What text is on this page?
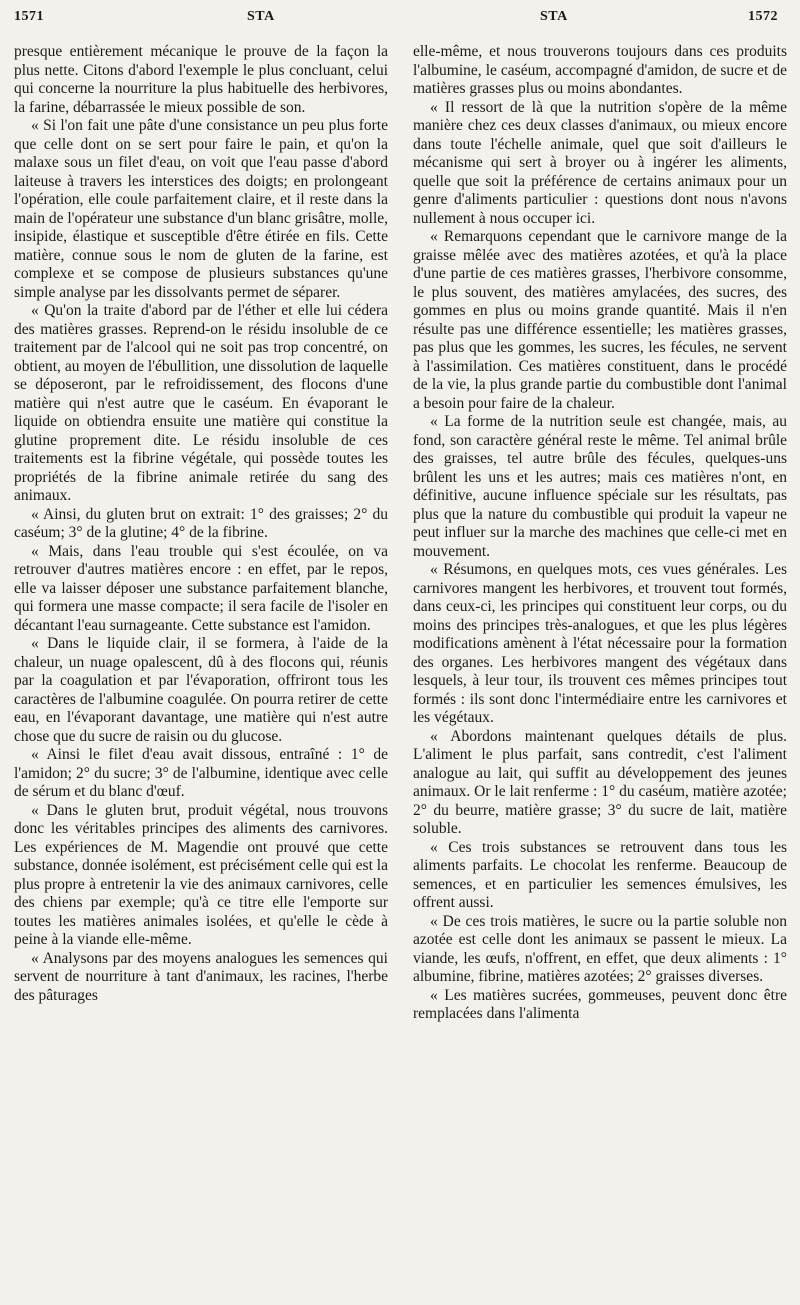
1571	STA	STA	1572

presque entièrement mécanique le prouve de la façon la plus nette. Citons d'abord l'exemple le plus concluant, celui qui concerne la nourriture la plus habituelle des herbivores, la farine, débarrassée le mieux possible de son.

« Si l'on fait une pâte d'une consistance un peu plus forte que celle dont on se sert pour faire le pain, et qu'on la malaxe sous un filet d'eau, on voit que l'eau passe d'abord laiteuse à travers les interstices des doigts; en prolongeant l'opération, elle coule parfaitement claire, et il reste dans la main de l'opérateur une substance d'un blanc grisâtre, molle, insipide, élastique et susceptible d'être étirée en fils. Cette matière, connue sous le nom de gluten de la farine, est complexe et se compose de plusieurs substances qu'une simple analyse par les dissolvants permet de séparer.

« Qu'on la traite d'abord par de l'éther et elle lui cédera des matières grasses. Reprend-on le résidu insoluble de ce traitement par de l'alcool qui ne soit pas trop concentré, on obtient, au moyen de l'ébullition, une dissolution de laquelle se déposeront, par le refroidissement, des flocons d'une matière qui n'est autre que le caséum. En évaporant le liquide on obtiendra ensuite une matière qui constitue la glutine proprement dite. Le résidu insoluble de ces traitements est la fibrine végétale, qui possède toutes les propriétés de la fibrine animale retirée du sang des animaux.

« Ainsi, du gluten brut on extrait: 1° des graisses; 2° du caséum; 3° de la glutine; 4° de la fibrine.

« Mais, dans l'eau trouble qui s'est écoulée, on va retrouver d'autres matières encore : en effet, par le repos, elle va laisser déposer une substance parfaitement blanche, qui formera une masse compacte; il sera facile de l'isoler en décantant l'eau surnageante. Cette substance est l'amidon.

« Dans le liquide clair, il se formera, à l'aide de la chaleur, un nuage opalescent, dû à des flocons qui, réunis par la coagulation et par l'évaporation, offriront tous les caractères de l'albumine coagulée. On pourra retirer de cette eau, en l'évaporant davantage, une matière qui n'est autre chose que du sucre de raisin ou du glucose.

« Ainsi le filet d'eau avait dissous, entraîné : 1° de l'amidon; 2° du sucre; 3° de l'albumine, identique avec celle de sérum et du blanc d'œuf.

« Dans le gluten brut, produit végétal, nous trouvons donc les véritables principes des aliments des carnivores. Les expériences de M. Magendie ont prouvé que cette substance, donnée isolément, est précisément celle qui est la plus propre à entretenir la vie des animaux carnivores, celle des chiens par exemple; qu'à ce titre elle l'emporte sur toutes les matières animales isolées, et qu'elle le cède à peine à la viande elle-même.

« Analysons par des moyens analogues les semences qui servent de nourriture à tant d'animaux, les racines, l'herbe des pâturages

elle-même, et nous trouverons toujours dans ces produits l'albumine, le caséum, accompagné d'amidon, de sucre et de matières grasses plus ou moins abondantes.

« Il ressort de là que la nutrition s'opère de la même manière chez ces deux classes d'animaux, ou mieux encore dans toute l'échelle animale, quel que soit d'ailleurs le mécanisme qui sert à broyer ou à ingérer les aliments, quelle que soit la préférence de certains animaux pour un genre d'aliments particulier : questions dont nous n'avons nullement à nous occuper ici.

« Remarquons cependant que le carnivore mange de la graisse mêlée avec des matières azotées, et qu'à la place d'une partie de ces matières grasses, l'herbivore consomme, le plus souvent, des matières amylacées, des sucres, des gommes en plus ou moins grande quantité. Mais il n'en résulte pas une différence essentielle; les matières grasses, pas plus que les gommes, les sucres, les fécules, ne servent à l'assimilation. Ces matières constituent, dans le procédé de la vie, la plus grande partie du combustible dont l'animal a besoin pour faire de la chaleur.

« La forme de la nutrition seule est changée, mais, au fond, son caractère général reste le même. Tel animal brûle des graisses, tel autre brûle des fécules, quelques-uns brûlent les uns et les autres; mais ces matières n'ont, en définitive, aucune influence spéciale sur les résultats, pas plus que la nature du combustible qui produit la vapeur ne peut influer sur la marche des machines que celle-ci met en mouvement.

« Résumons, en quelques mots, ces vues générales. Les carnivores mangent les herbivores, et trouvent tout formés, dans ceux-ci, les principes qui constituent leur corps, ou du moins des principes très-analogues, et que les plus légères modifications amènent à l'état nécessaire pour la formation des organes. Les herbivores mangent des végétaux dans lesquels, à leur tour, ils trouvent ces mêmes principes tout formés : ils sont donc l'intermédiaire entre les carnivores et les végétaux.

« Abordons maintenant quelques détails de plus. L'aliment le plus parfait, sans contredit, c'est l'aliment analogue au lait, qui suffit au développement des jeunes animaux. Or le lait renferme : 1° du caséum, matière azotée; 2° du beurre, matière grasse; 3° du sucre de lait, matière soluble.

« Ces trois substances se retrouvent dans tous les aliments parfaits. Le chocolat les renferme. Beaucoup de semences, et en particulier les semences émulsives, les offrent aussi.

« De ces trois matières, le sucre ou la partie soluble non azotée est celle dont les animaux se passent le mieux. La viande, les œufs, n'offrent, en effet, que deux aliments : 1° albumine, fibrine, matières azotées; 2° graisses diverses.

« Les matières sucrées, gommeuses, peuvent donc être remplacées dans l'alimenta
